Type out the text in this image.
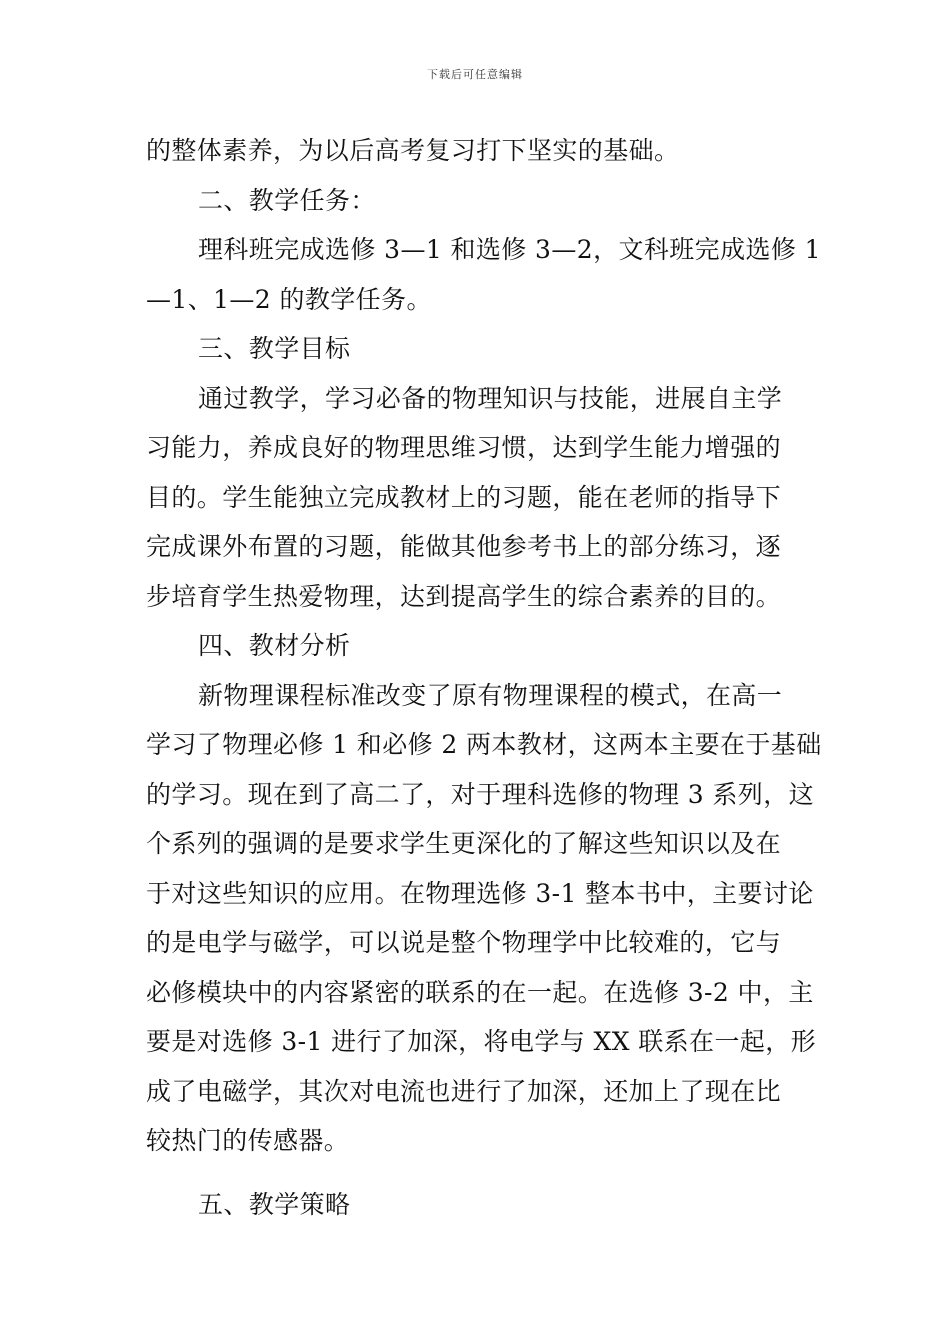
下载后可任意编辑
的整体素养，为以后高考复习打下坚实的基础。
二、教学任务：
理科班完成选修 3—1 和选修 3—2，文科班完成选修 1
—1、1—2 的教学任务。
三、教学目标
通过教学，学习必备的物理知识与技能，进展自主学
习能力，养成良好的物理思维习惯，达到学生能力增强的
目的。学生能独立完成教材上的习题，能在老师的指导下
完成课外布置的习题，能做其他参考书上的部分练习，逐
步培育学生热爱物理，达到提高学生的综合素养的目的。
四、教材分析
新物理课程标准改变了原有物理课程的模式，在高一
学习了物理必修 1 和必修 2 两本教材，这两本主要在于基础
的学习。现在到了高二了，对于理科选修的物理 3 系列，这
个系列的强调的是要求学生更深化的了解这些知识以及在
于对这些知识的应用。在物理选修 3-1 整本书中，主要讨论
的是电学与磁学，可以说是整个物理学中比较难的，它与
必修模块中的内容紧密的联系的在一起。在选修 3-2 中，主
要是对选修 3-1 进行了加深，将电学与 XX 联系在一起，形
成了电磁学，其次对电流也进行了加深，还加上了现在比
较热门的传感器。
五、教学策略
